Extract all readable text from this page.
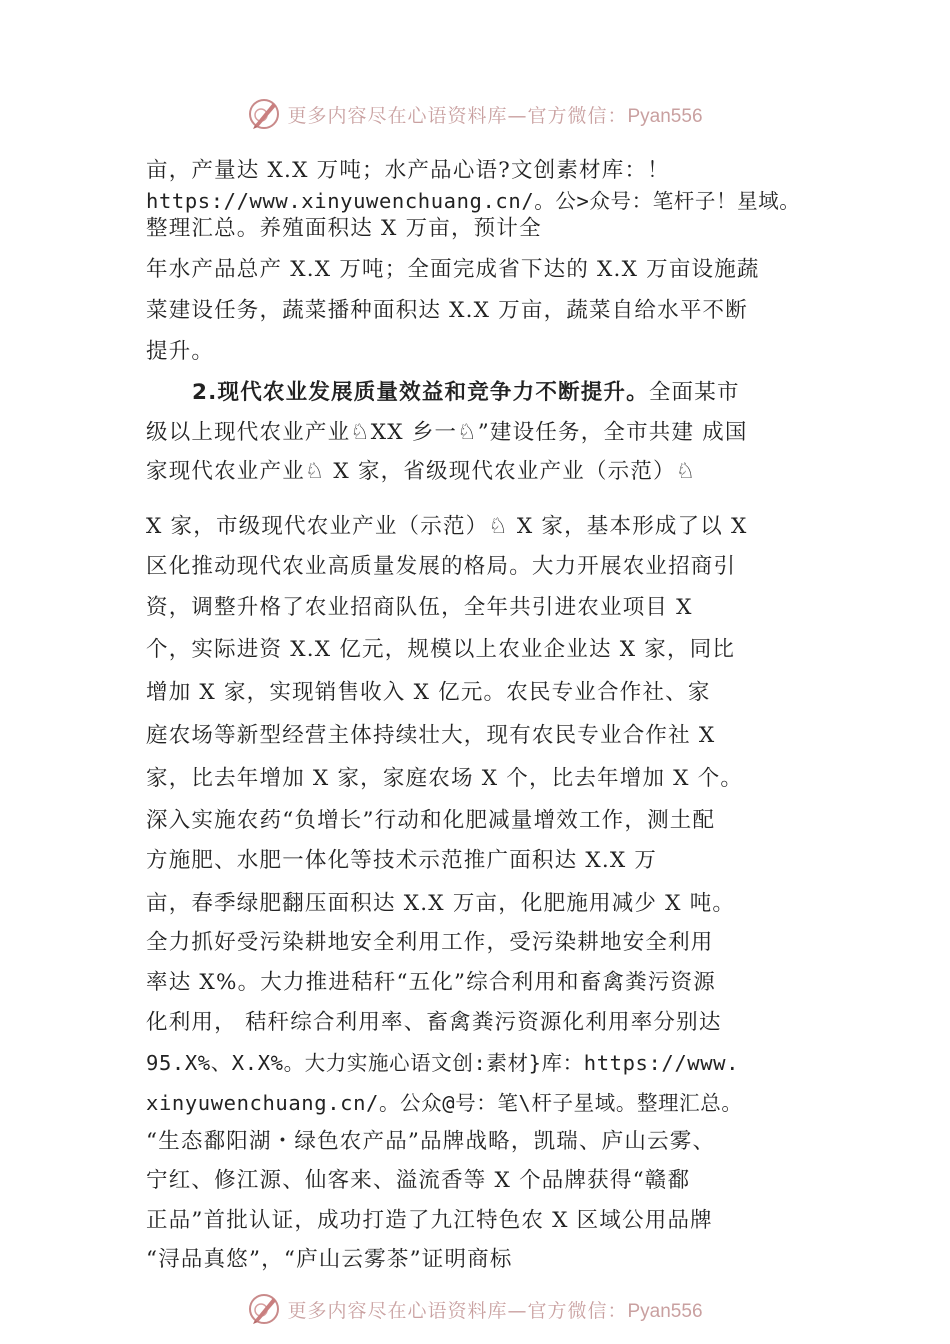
更多内容尽在心语资料库—官方微信：Pyan556
亩，产量达 X.X 万吨；水产品心语?文创素材库：！
https://www.xinyuwenchuang.cn/。公>众号：笔杆子！星域。
整理汇总。养殖面积达 X 万亩，预计全
年水产品总产 X.X 万吨；全面完成省下达的 X.X 万亩设施蔬
菜建设任务，蔬菜播种面积达 X.X 万亩，蔬菜自给水平不断
提升。
2.现代农业发展质量效益和竞争力不断提升。全面某市
级以上现代农业产业♘XX 乡一♘”建设任务，全市共建 成国
家现代农业产业♘ X 家，省级现代农业产业（示范）♘
X 家，市级现代农业产业（示范）♘ X 家，基本形成了以 X
区化推动现代农业高质量发展的格局。大力开展农业招商引
资，调整升格了农业招商队伍，全年共引进农业项目 X
个，实际进资 X.X 亿元，规模以上农业企业达 X 家，同比
增加 X 家，实现销售收入 X 亿元。农民专业合作社、家
庭农场等新型经营主体持续壮大，现有农民专业合作社 X
家，比去年增加 X 家，家庭农场 X 个，比去年增加 X 个。
深入实施农药“负增长”行动和化肥减量增效工作，测土配
方施肥、水肥一体化等技术示范推广面积达 X.X 万
亩，春季绿肥翻压面积达 X.X 万亩，化肥施用减少 X 吨。
全力抓好受污染耕地安全利用工作，受污染耕地安全利用
率达 X%。大力推进秸秆“五化”综合利用和畜禽粪污资源
化利用， 秸秆综合利用率、畜禽粪污资源化利用率分别达
95.X%、X.X%。大力实施心语文创:素材}库：https://www.
xinyuwenchuang.cn/。公众@号：笔\杆子星域。整理汇总。
“生态鄱阳湖・绿色农产品”品牌战略，凯瑞、庐山云雾、
宁红、修江源、仙客来、溢流香等 X 个品牌获得“赣鄱
正品”首批认证，成功打造了九江特色农 X 区域公用品牌
“浔品真悠”，“庐山云雾茶”证明商标
更多内容尽在心语资料库—官方微信：Pyan556
